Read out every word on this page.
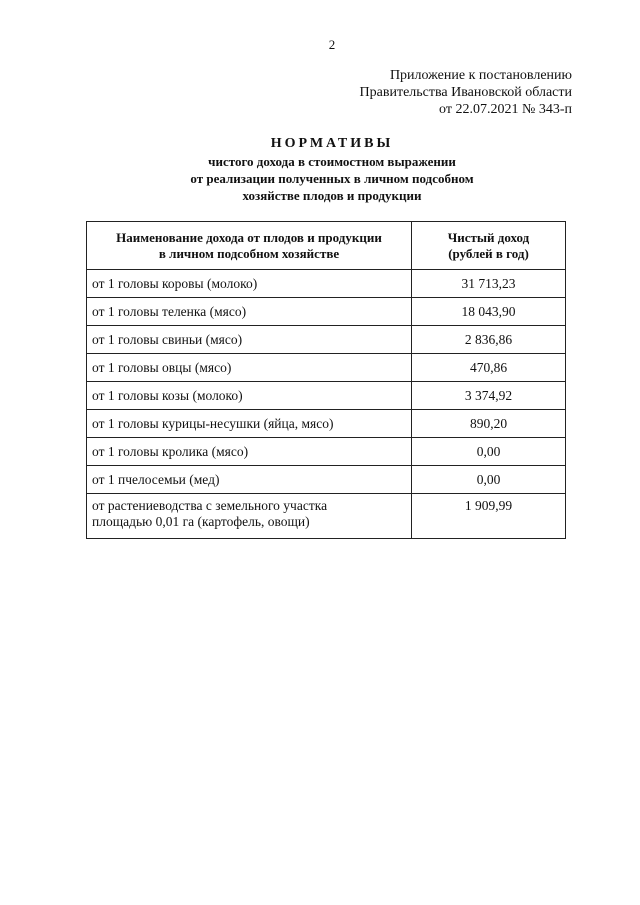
2
Приложение к постановлению
Правительства Ивановской области
от 22.07.2021 № 343-п
НОРМАТИВЫ
чистого дохода в стоимостном выражении
от реализации полученных в личном подсобном
хозяйстве плодов и продукции
Наименование дохода от плодов и продукции
в личном подсобном хозяйстве	Чистый доход
(рублей в год)
от 1 головы коровы (молоко)	31 713,23
от 1 головы теленка (мясо)	18 043,90
от 1 головы свиньи (мясо)	2 836,86
от 1 головы овцы (мясо)	470,86
от 1 головы козы (молоко)	3 374,92
от 1 головы курицы-несушки (яйца, мясо)	890,20
от 1 головы кролика (мясо)	0,00
от 1 пчелосемьи (мед)	0,00
от растениеводства с земельного участка
площадью 0,01 га (картофель, овощи)	1 909,99
